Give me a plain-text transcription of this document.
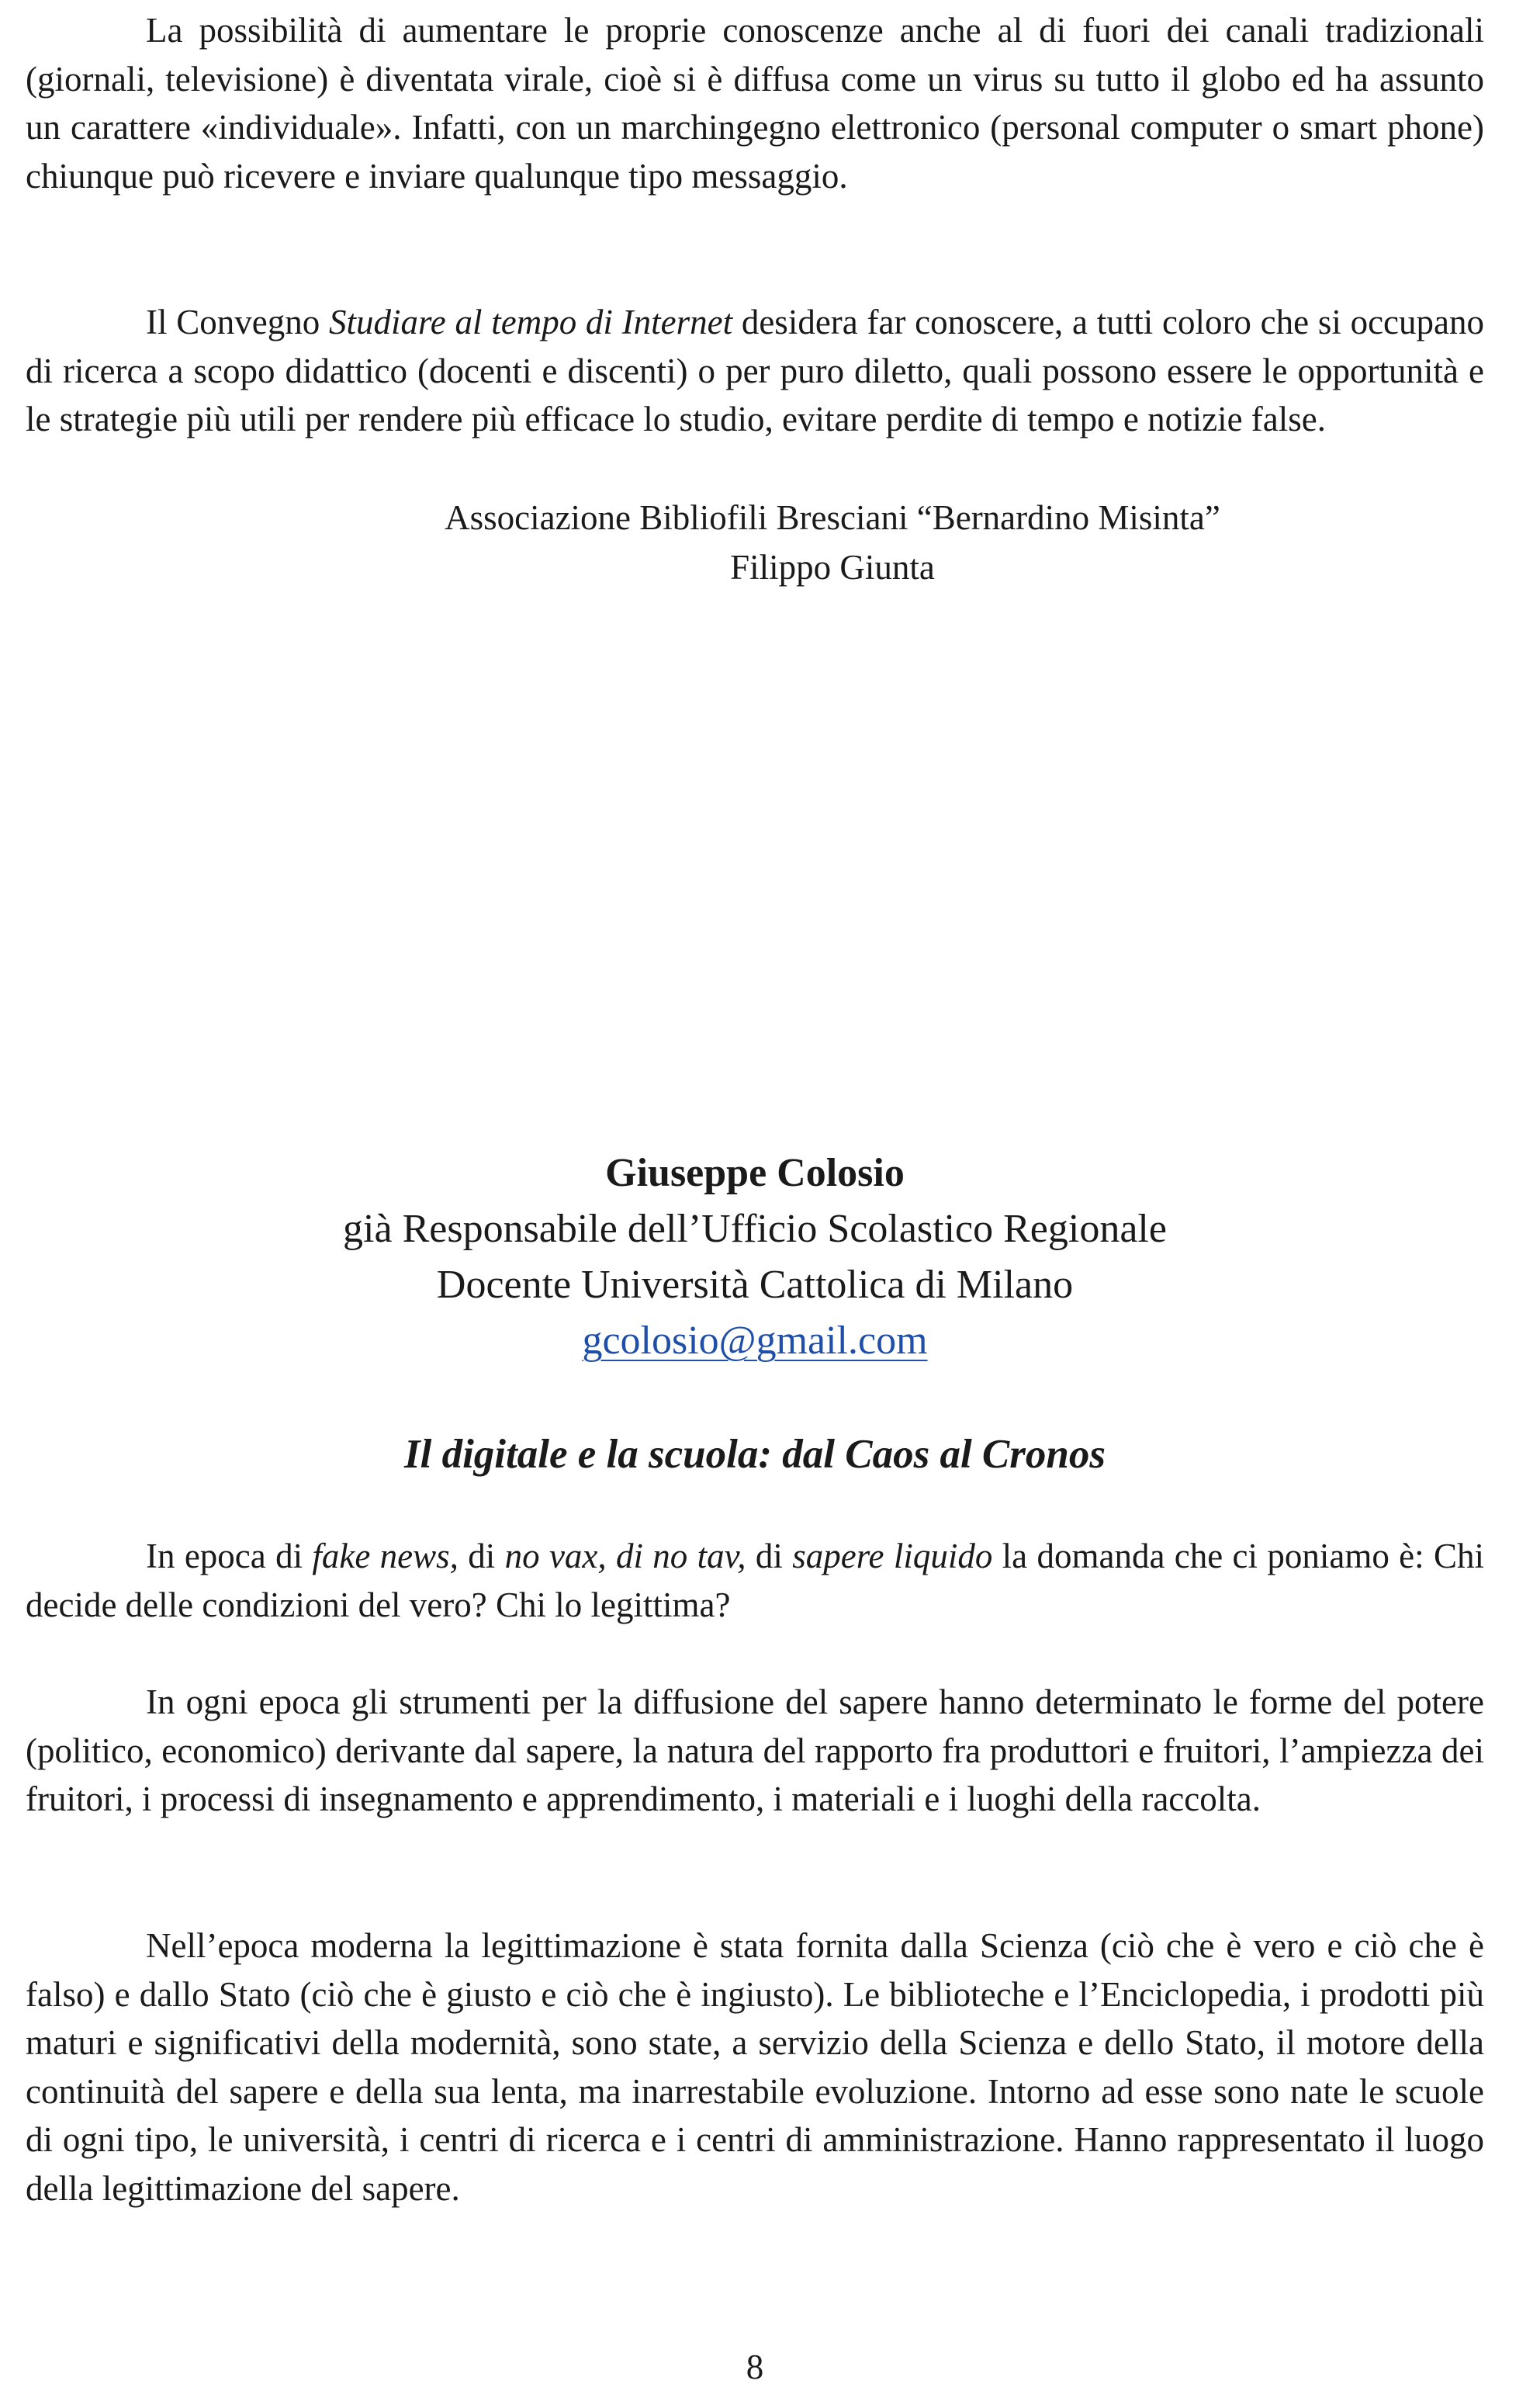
La possibilità di aumentare le proprie conoscenze anche al di fuori dei canali tradizionali (giornali, televisione) è diventata virale, cioè si è diffusa come un virus su tutto il globo ed ha assunto un carattere «individuale». Infatti, con un marchingegno elettronico (personal computer o smart phone) chiunque può ricevere e inviare qualunque tipo messaggio.

Il Convegno Studiare al tempo di Internet desidera far conoscere, a tutti coloro che si occupano di ricerca a scopo didattico (docenti e discenti) o per puro diletto, quali possono essere le opportunità e le strategie più utili per rendere più efficace lo studio, evitare perdite di tempo e notizie false.

Associazione Bibliofili Bresciani “Bernardino Misinta”

Filippo Giunta

Giuseppe Colosio

già Responsabile dell’Ufficio Scolastico Regionale

Docente Università Cattolica di Milano

gcolosio@gmail.com

Il digitale e la scuola: dal Caos al Cronos

In epoca di fake news, di no vax, di no tav, di sapere liquido la domanda che ci poniamo è: Chi decide delle condizioni del vero? Chi lo legittima?

In ogni epoca gli strumenti per la diffusione del sapere hanno determinato le forme del potere (politico, economico) derivante dal sapere, la natura del rapporto fra produttori e fruitori, l’ampiezza dei fruitori, i processi di insegnamento e apprendimento, i materiali e i luoghi della raccolta.

Nell’epoca moderna la legittimazione è stata fornita dalla Scienza (ciò che è vero e ciò che è falso) e dallo Stato (ciò che è giusto e ciò che è ingiusto). Le biblioteche e l’Enciclopedia, i prodotti più maturi e significativi della modernità, sono state, a servizio della Scienza e dello Stato, il motore della continuità del sapere e della sua lenta, ma inarrestabile evoluzione. Intorno ad esse sono nate le scuole di ogni tipo, le università, i centri di ricerca e i centri di amministrazione. Hanno rappresentato il luogo della legittimazione del sapere.

8
